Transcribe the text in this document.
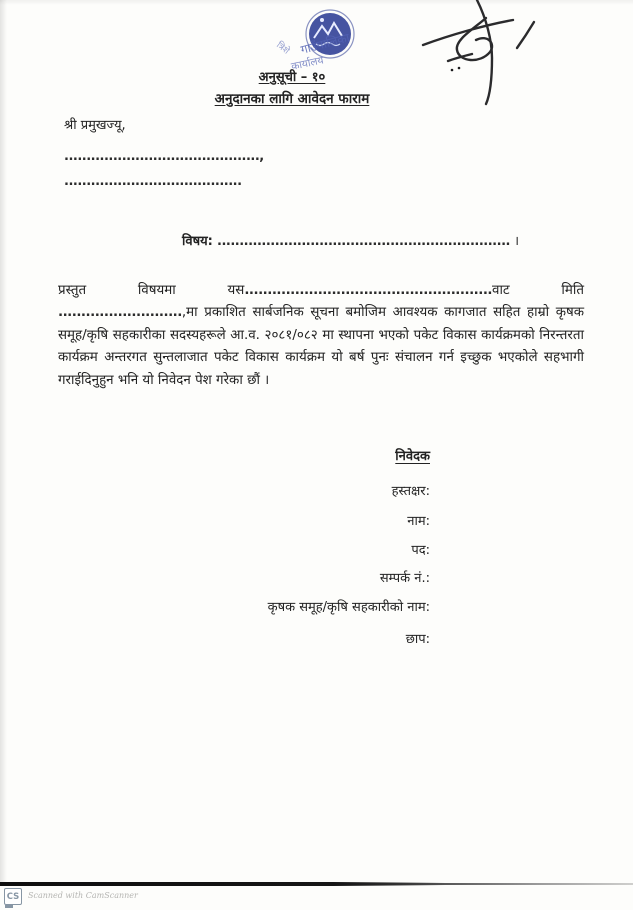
त्रिशे गाउँपालिका
कार्यालय
अनुसूची – १०
अनुदानका लागि आवेदन फाराम
श्री प्रमुखज्यू,
............................................,
........................................
विषय: .................................................................. ।

प्रस्तुत विषयमा यस......................................................वाट मिति ...........................,मा प्रकाशित सार्बजनिक सूचना बमोजिम आवश्यक कागजात सहित हाम्रो कृषक समूह/कृषि सहकारीका सदस्यहरूले आ.व. २०८१/०८२ मा स्थापना भएको पकेट विकास कार्यक्रमको निरन्तरता कार्यक्रम अन्तरगत सुन्तलाजात पकेट विकास कार्यक्रम यो बर्ष पुनः संचालन गर्न इच्छुक भएकोले सहभागी गराईदिनुहुन भनि यो निवेदन पेश गरेका छौं ।

निवेदक
हस्तक्षर:
नाम:
पद:
सम्पर्क नं.:
कृषक समूह/कृषि सहकारीको नाम:
छाप:
CS	Scanned with CamScanner
